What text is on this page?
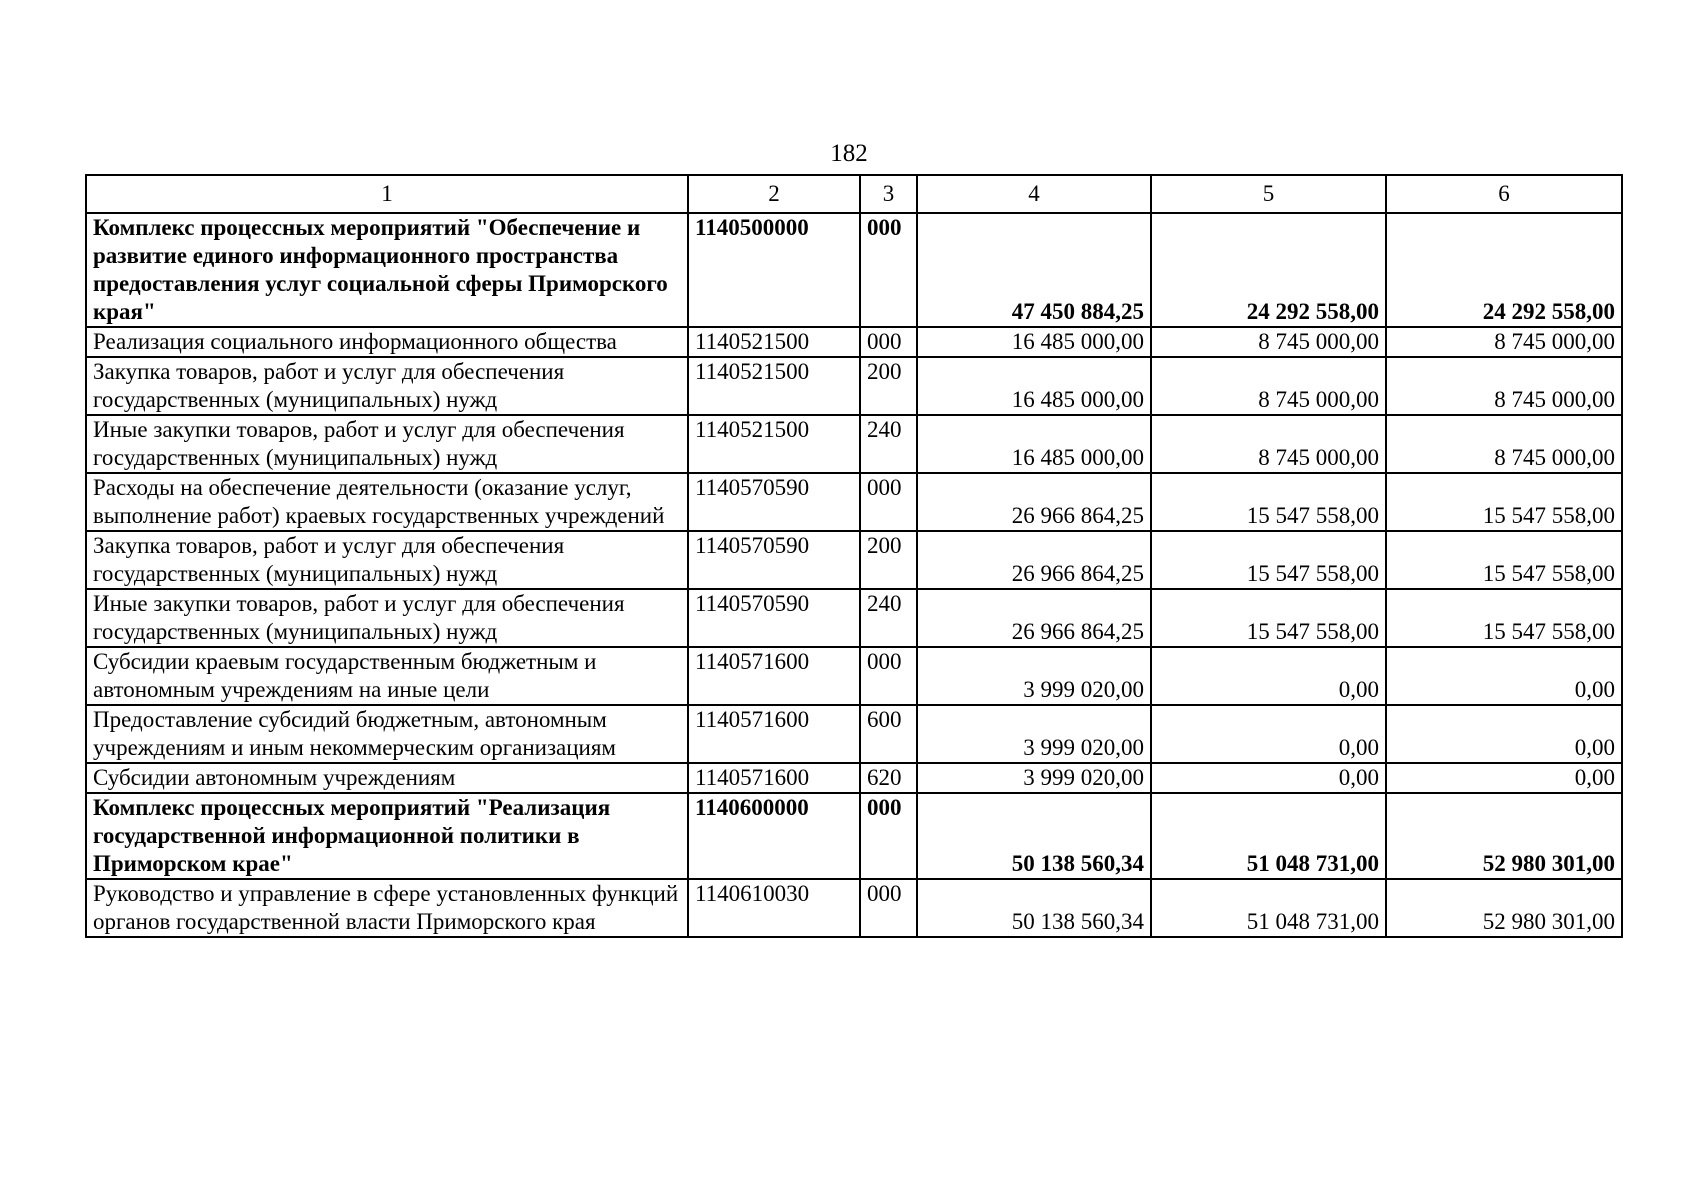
182
1	2	3	4	5	6
Комплекс процессных мероприятий "Обеспечение и развитие единого информационного пространства предоставления услуг социальной сферы Приморского края"	1140500000	000	47 450 884,25	24 292 558,00	24 292 558,00
Реализация социального информационного общества	1140521500	000	16 485 000,00	8 745 000,00	8 745 000,00
Закупка товаров, работ и услуг для обеспечения государственных (муниципальных) нужд	1140521500	200	16 485 000,00	8 745 000,00	8 745 000,00
Иные закупки товаров, работ и услуг для обеспечения государственных (муниципальных) нужд	1140521500	240	16 485 000,00	8 745 000,00	8 745 000,00
Расходы на обеспечение деятельности (оказание услуг, выполнение работ) краевых государственных учреждений	1140570590	000	26 966 864,25	15 547 558,00	15 547 558,00
Закупка товаров, работ и услуг для обеспечения государственных (муниципальных) нужд	1140570590	200	26 966 864,25	15 547 558,00	15 547 558,00
Иные закупки товаров, работ и услуг для обеспечения государственных (муниципальных) нужд	1140570590	240	26 966 864,25	15 547 558,00	15 547 558,00
Субсидии краевым государственным бюджетным и автономным учреждениям на иные цели	1140571600	000	3 999 020,00	0,00	0,00
Предоставление субсидий бюджетным, автономным учреждениям и иным некоммерческим организациям	1140571600	600	3 999 020,00	0,00	0,00
Субсидии автономным учреждениям	1140571600	620	3 999 020,00	0,00	0,00
Комплекс процессных мероприятий "Реализация государственной информационной политики в Приморском крае"	1140600000	000	50 138 560,34	51 048 731,00	52 980 301,00
Руководство и управление в сфере установленных функций органов государственной власти Приморского края	1140610030	000	50 138 560,34	51 048 731,00	52 980 301,00
